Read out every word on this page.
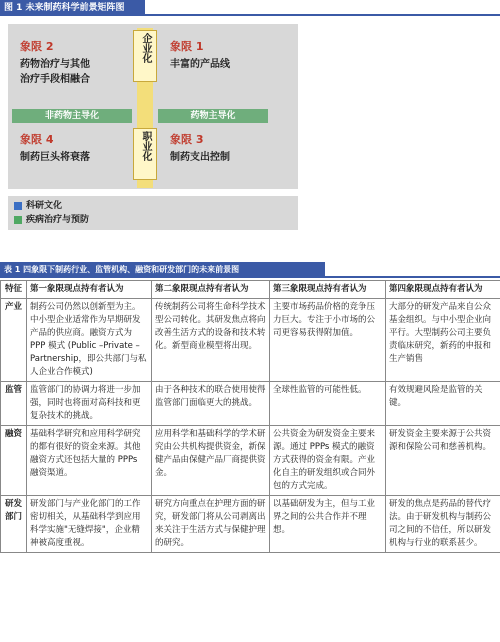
图 1 未来制药科学前景矩阵图
象限 2
药物治疗与其他
治疗手段相融合
象限 1
丰富的产品线
象限 4
制药巨头将衰落
象限 3
制药支出控制
非药物主导化	药物主导化
企业化
职业化
科研文化
疾病治疗与预防
表 1 四象限下制药行业、监管机构、融资和研发部门的未来前景图
特征	第一象限现点持有者认为	第二象限现点持有者认为	第三象限现点持有者认为	第四象限现点持有者认为
产业	制药公司仍然以创新型为主。中小型企业适常作为早期研发产品的供应商。融资方式为 PPP 模式 (Public –Private –Partnership，即公共部门与私人企业合作模式)	传统制药公司将生命科学技术型公司转化。其研发焦点将向改善生活方式的设备和技术转化。新型商业模型将出现。	主要市场药品价格的竞争压力巨大。专注于小市场的公司更容易获得附加值。	大部分的研发产品来自公众基金组织。与中小型企业向平行。大型制药公司主要负责临床研究，新药的申报和生产销售
监管	监管部门的协调力将进一步加强，同时也将面对高科技和更复杂技术的挑战。	由于各种技术的联合使用使得监管部门面临更大的挑战。	全球性监管的可能性低。	有效规避风险是监管的关键。
融资	基础科学研究和应用科学研究的都有很好的资金来源。其他融资方式还包括大量的 PPPs 融资渠道。	应用科学和基础科学的学术研究由公共机构提供资金，新保健产品由保健产品厂商提供资金。	公共资金为研发资金主要来源。通过 PPPs 模式的融资方式获得的资金有限。产业化自主的研发组织或合同外包的方式完成。	研发资金主要来源于公共资源和保险公司和慈善机构。
研发部门	研发部门与产业化部门的工作密切相关，从基础科学到应用科学实施"无缝焊接"，企业精神被高度重视。	研究方向重点在护理方面的研究，研发部门将从公司剥离出来关注于生活方式与保健护理的研究。	以基础研发为主，但与工业界之间的公共合作并不理想。	研发的焦点是药品的替代疗法。由于研发机构与制药公司之间的不信任，所以研发机构与行业的联系甚少。
